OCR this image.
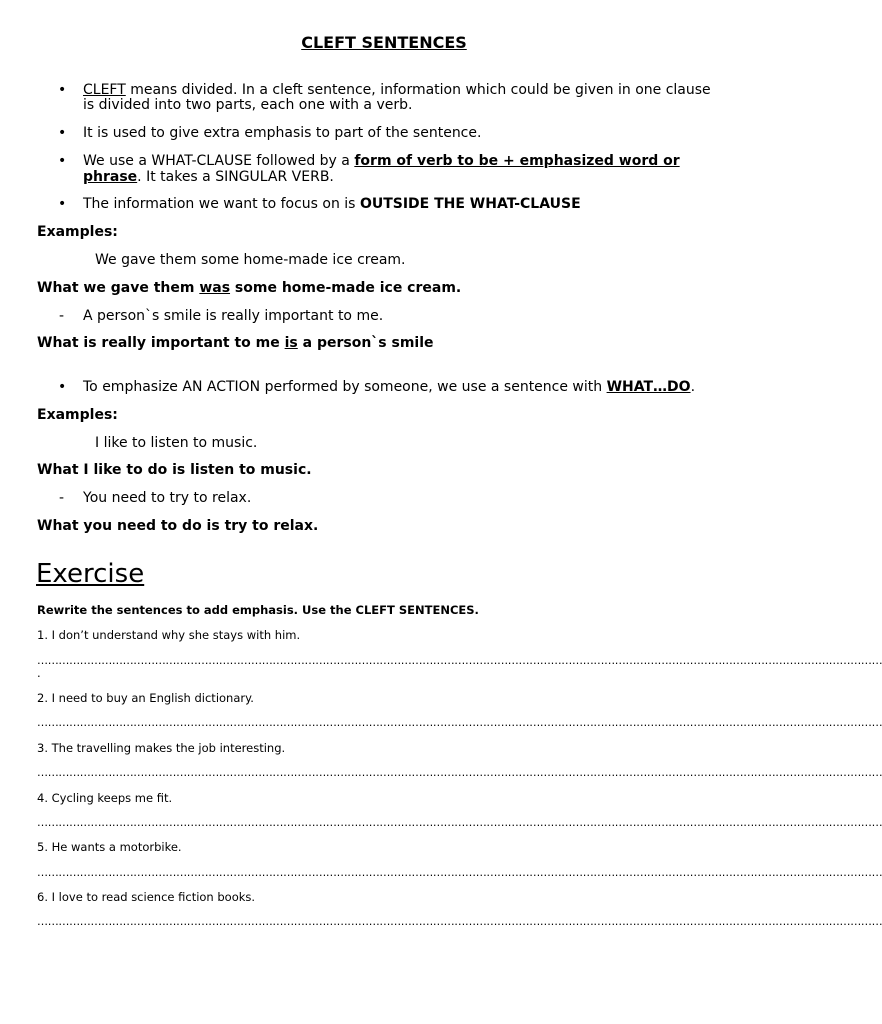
CLEFT SENTENCES
• CLEFT means divided. In a cleft sentence, information which could be given in one clause
is divided into two parts, each one with a verb.
• It is used to give extra emphasis to part of the sentence.
• We use a WHAT-CLAUSE followed by a form of verb to be + emphasized word or
phrase. It takes a SINGULAR VERB.
• The information we want to focus on is OUTSIDE THE WHAT-CLAUSE
Examples:
We gave them some home-made ice cream.
What we gave them was some home-made ice cream.
- A person`s smile is really important to me.
What is really important to me is a person`s smile
• To emphasize AN ACTION performed by someone, we use a sentence with WHAT…DO.
Examples:
I like to listen to music.
What I like to do is listen to music.
- You need to try to relax.
What you need to do is try to relax.
Exercise
Rewrite the sentences to add emphasis. Use the CLEFT SENTENCES.
1. I don’t understand why she stays with him.
…………………………………………………………………………………………………………………………………………………………………………………………………………………
.
2. I need to buy an English dictionary.
…………………………………………………………………………………………………………………………………………………………………………………………………………………
3. The travelling makes the job interesting.
…………………………………………………………………………………………………………………………………………………………………………………………………………………
4. Cycling keeps me fit.
…………………………………………………………………………………………………………………………………………………………………………………………………………………
5. He wants a motorbike.
…………………………………………………………………………………………………………………………………………………………………………………………………………………
6. I love to read science fiction books.
…………………………………………………………………………………………………………………………………………………………………………………………………………………
